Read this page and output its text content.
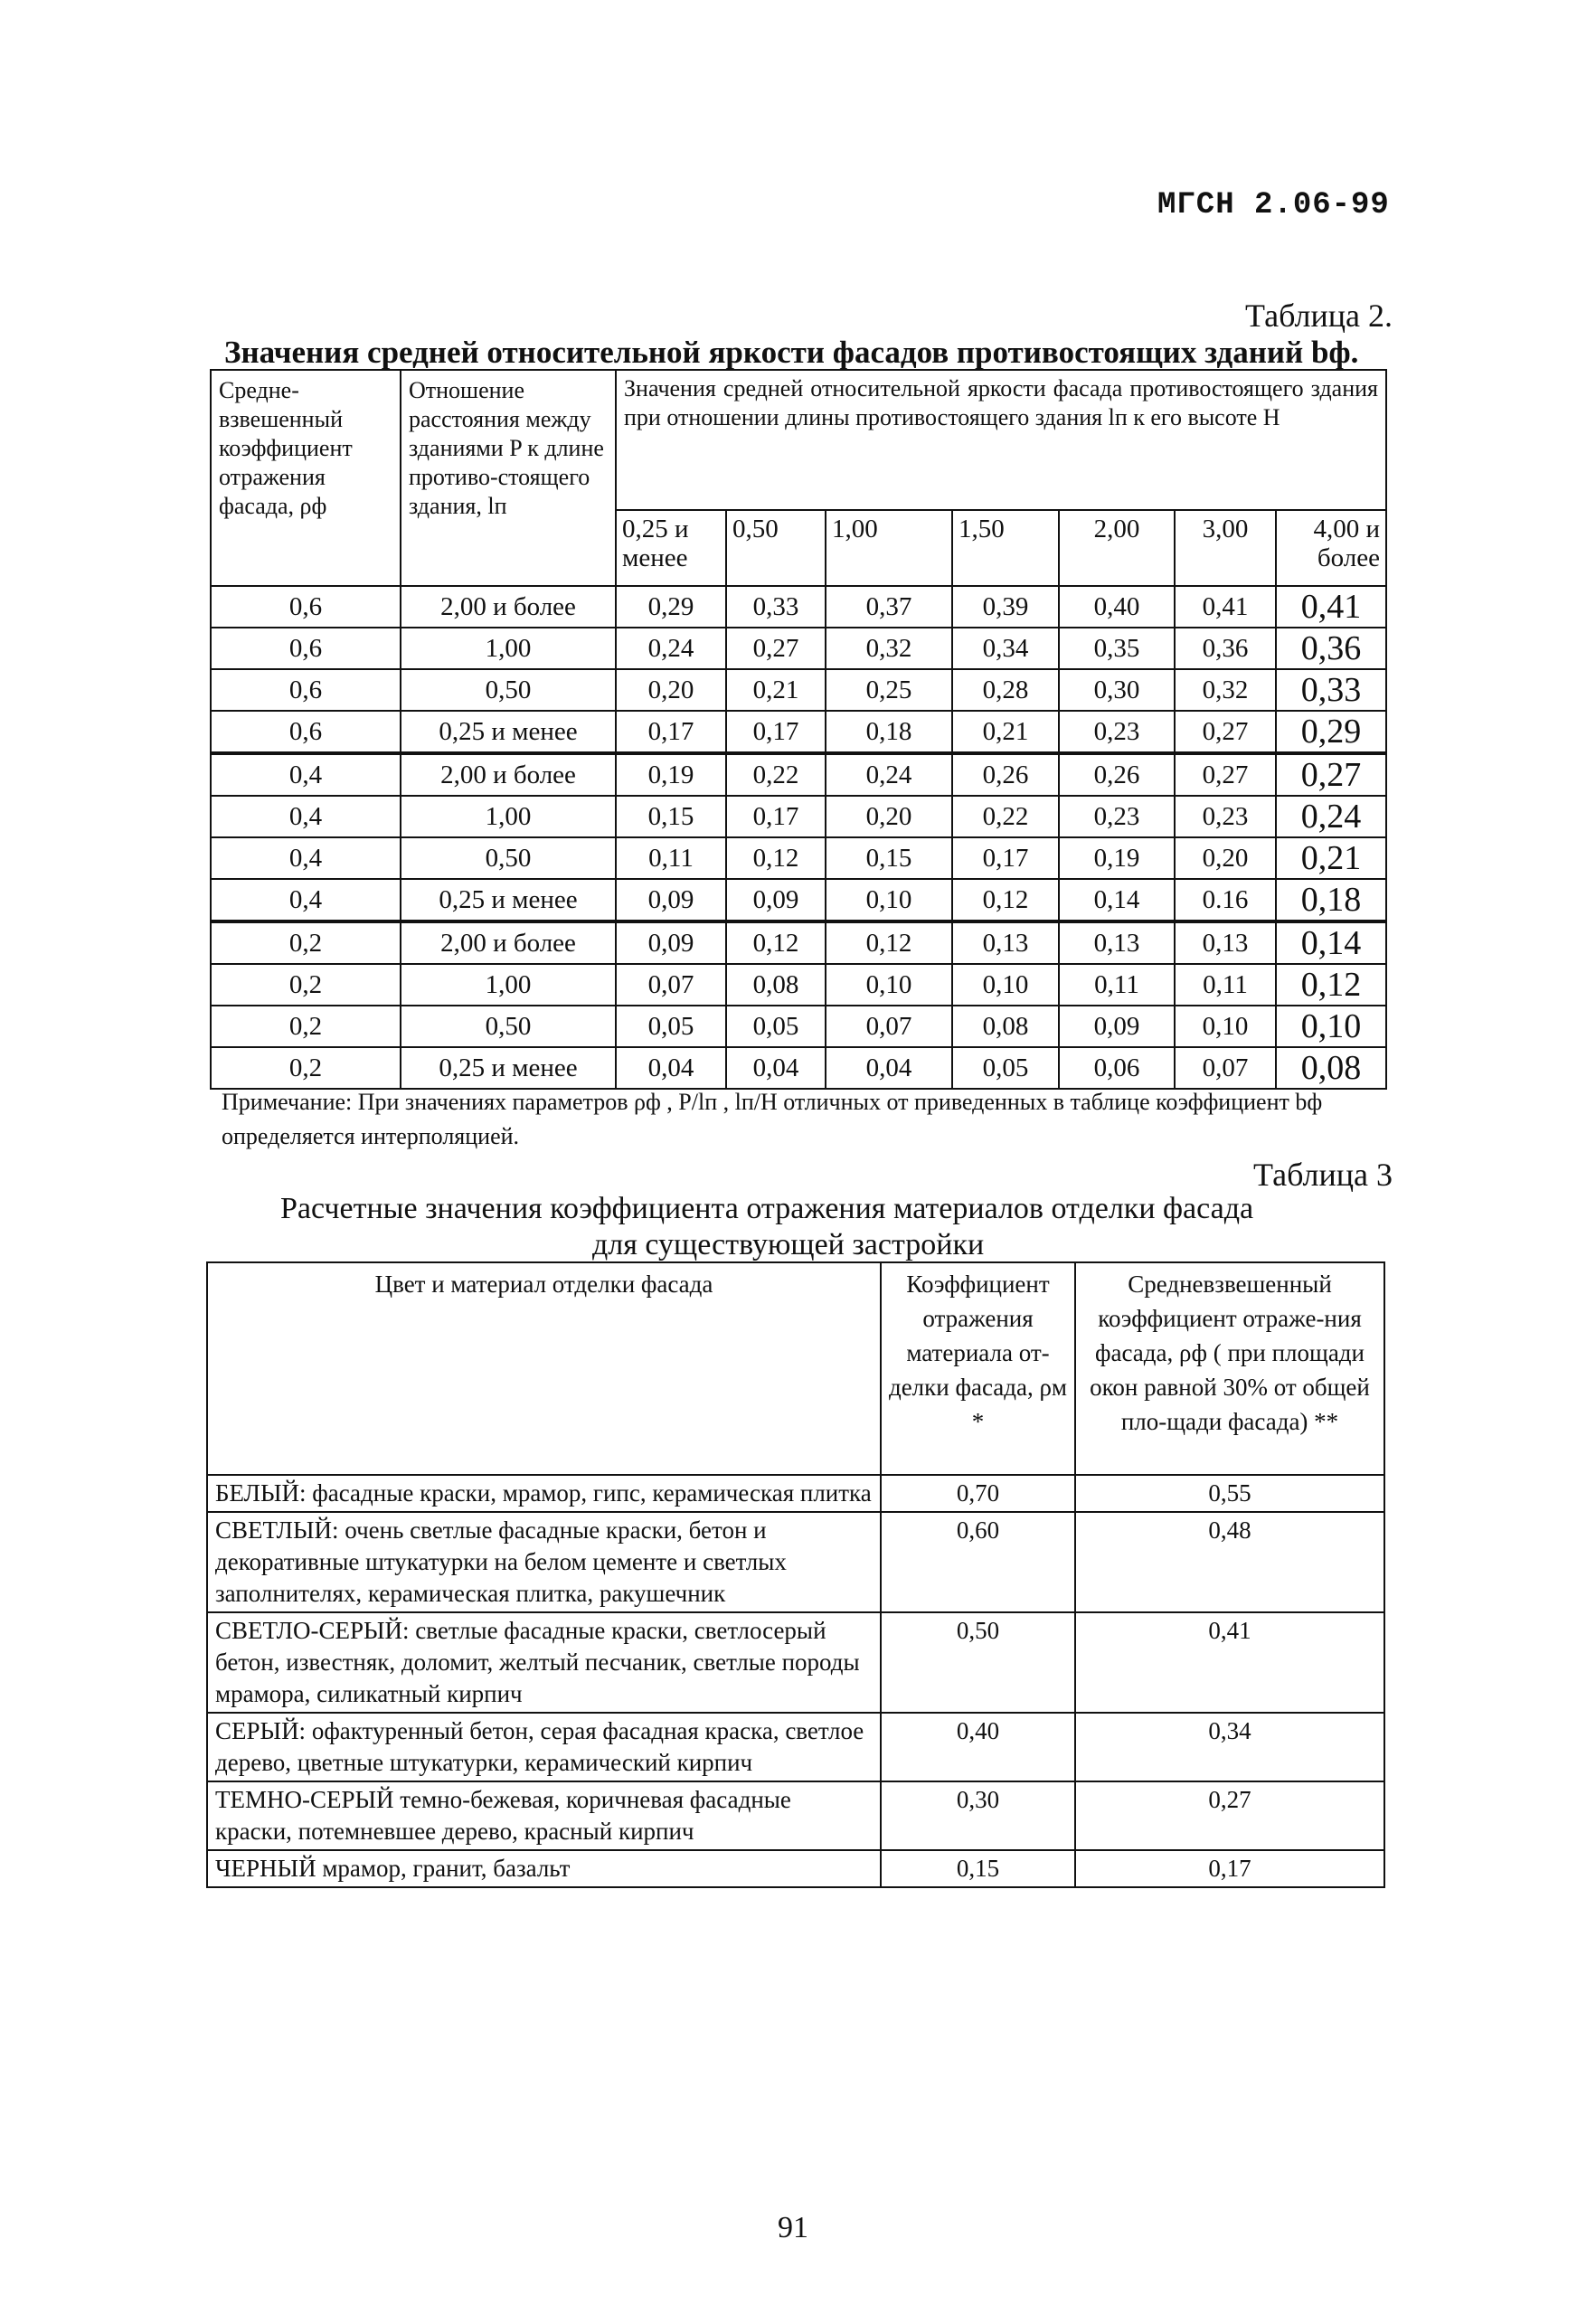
МГСН 2.06-99
Таблица 2.
Значения средней относительной яркости фасадов противостоящих зданий bф.
Средне-взвешенный коэффициент отражения фасада, ρф	Отношение расстояния между зданиями P к длине противо-стоящего здания, lп	Значения средней относительной яркости фасада противостоящего здания при отношении длины противостоящего здания lп к его высоте H						
		0,25 и менее	0,50	1,00	1,50	2,00	3,00	4,00 и более
0,6	2,00 и более	0,29	0,33	0,37	0,39	0,40	0,41	0,41
0,6	1,00	0,24	0,27	0,32	0,34	0,35	0,36	0,36
0,6	0,50	0,20	0,21	0,25	0,28	0,30	0,32	0,33
0,6	0,25 и менее	0,17	0,17	0,18	0,21	0,23	0,27	0,29
0,4	2,00 и более	0,19	0,22	0,24	0,26	0,26	0,27	0,27
0,4	1,00	0,15	0,17	0,20	0,22	0,23	0,23	0,24
0,4	0,50	0,11	0,12	0,15	0,17	0,19	0,20	0,21
0,4	0,25 и менее	0,09	0,09	0,10	0,12	0,14	0.16	0,18
0,2	2,00 и более	0,09	0,12	0,12	0,13	0,13	0,13	0,14
0,2	1,00	0,07	0,08	0,10	0,10	0,11	0,11	0,12
0,2	0,50	0,05	0,05	0,07	0,08	0,09	0,10	0,10
0,2	0,25 и менее	0,04	0,04	0,04	0,05	0,06	0,07	0,08
Примечание: При значениях параметров ρф , P/lп , lп/H отличных от приведенных в таблице коэффициент bф определяется интерполяцией.
Таблица 3
Расчетные значения коэффициента отражения материалов отделки фасада
для существующей застройки
Цвет и материал отделки фасада	Коэффициент отражения материала от-делки фасада, ρм *	Средневзвешенный коэффициент отраже-ния фасада, ρф ( при площади окон равной 30% от общей пло-щади фасада) **
БЕЛЫЙ: фасадные краски, мрамор, гипс, керамическая плитка	0,70	0,55
СВЕТЛЫЙ: очень светлые фасадные краски, бетон и декоративные штукатурки на белом цементе и светлых заполнителях, керамическая плитка, ракушечник	0,60	0,48
СВЕТЛО-СЕРЫЙ: светлые фасадные краски, светлосерый бетон, известняк, доломит, желтый песчаник, светлые породы мрамора, силикатный кирпич	0,50	0,41
СЕРЫЙ: офактуренный бетон, серая фасадная краска, светлое дерево, цветные штукатурки, керамический кирпич	0,40	0,34
ТЕМНО-СЕРЫЙ темно-бежевая, коричневая фасадные краски, потемневшее дерево, красный кирпич	0,30	0,27
ЧЕРНЫЙ мрамор, гранит, базальт	0,15	0,17
91
